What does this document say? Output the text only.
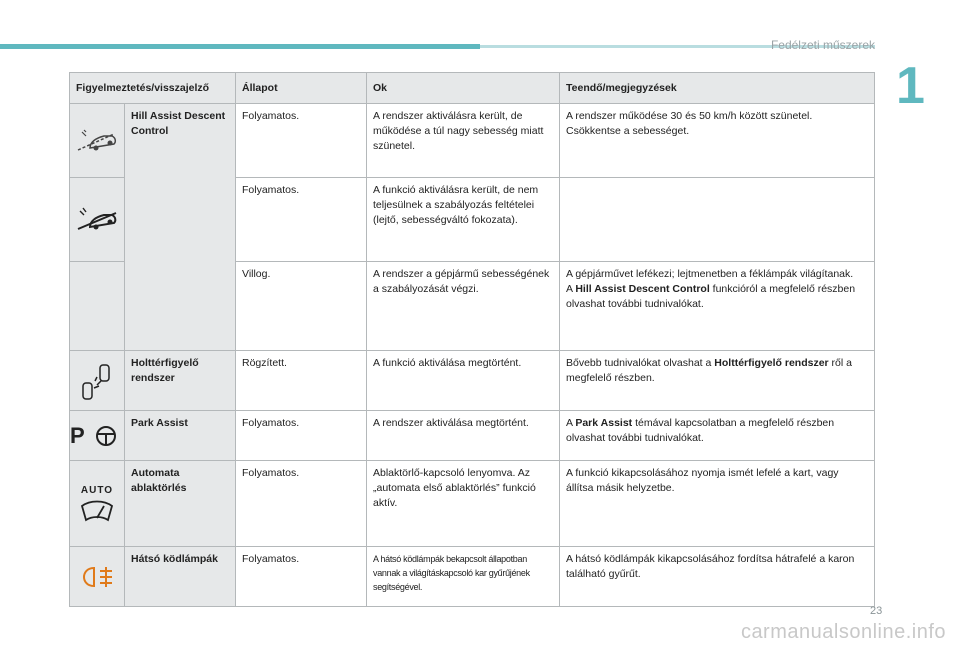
Fedélzeti műszerek
1
Figyelmeztetés/visszajelző		Állapot	Ok	Teendő/megjegyzések

	Hill Assist Descent Control	Folyamatos.	A rendszer aktiválásra került, de működése a túl nagy sebesség miatt szünetel.	A rendszer működése 30 és 50 km/h között szünetel. Csökkentse a sebességet.

	Folyamatos.	A funkció aktiválásra került, de nem teljesülnek a szabályozás feltételei (lejtő, sebességváltó fokozata).	
		Villog.	A rendszer a gépjármű sebességének a szabályozását végzi.	A gépjárművet lefékezi; lejtmenetben a féklámpák világítanak.
A Hill Assist Descent Control funkcióról a megfelelő részben olvashat további tudnivalókat.

	Holttérfigyelő rendszer	Rögzített.	A funkció aktiválása megtörtént.	Bővebb tudnivalókat olvashat a Holttérfigyelő rendszer ről a megfelelő részben.

P	Park Assist	Folyamatos.	A rendszer aktiválása megtörtént.	A Park Assist témával kapcsolatban a megfelelő részben olvashat további tudnivalókat.

AUTO	Automata ablaktörlés	Folyamatos.	Ablaktörlő-kapcsoló lenyomva. Az „automata első ablaktörlés” funkció aktív.	A funkció kikapcsolásához nyomja ismét lefelé a kart, vagy állítsa másik helyzetbe.

	Hátsó ködlámpák	Folyamatos.	A hátsó ködlámpák bekapcsolt állapotban vannak a világításkapcsoló kar gyűrűjének segítségével.	A hátsó ködlámpák kikapcsolásához fordítsa hátrafelé a karon található gyűrűt.
23
carmanualsonline.info
